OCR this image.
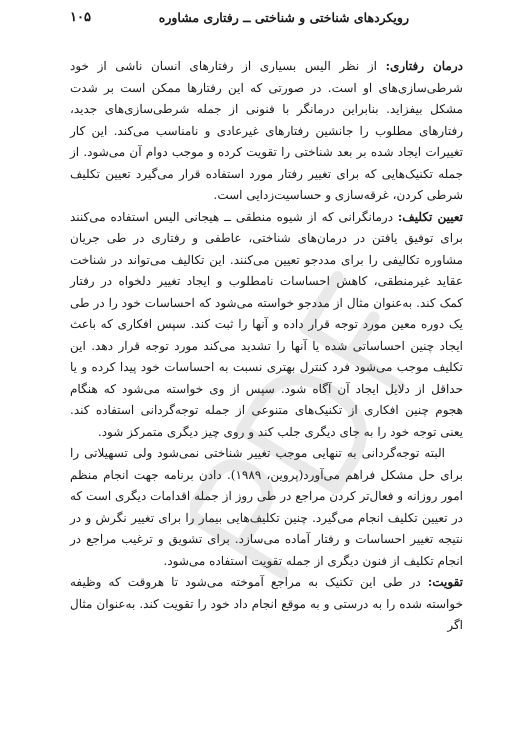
رویکردهای شناختی و شناختی ــ رفتاری مشاوره
۱۰۵

درمان رفتاری: از نظر الیس بسیاری از رفتارهای انسان ناشی از خود شرطی‌سازی‌های او است. در صورتی که این رفتارها ممکن است بر شدت مشکل بیفزاید. بنابراین درمانگر با فنونی از جمله شرطی‌سازی‌های جدید، رفتارهای مطلوب را جانشین رفتارهای غیرعادی و نامناسب می‌کند. این کار تغییرات ایجاد شده بر بعد شناختی را تقویت کرده و موجب دوام آن می‌شود. از جمله تکنیک‌هایی که برای تغییر رفتار مورد استفاده قرار می‌گیرد تعیین تکلیف شرطی کردن، غرقه‌سازی و حساسیت‌زدایی است.

تعیین تکلیف: درمانگرانی که از شیوه منطقی ــ هیجانی الیس استفاده می‌کنند برای توفیق یافتن در درمان‌های شناختی، عاطفی و رفتاری در طی جریان مشاوره تکالیفی را برای مددجو تعیین می‌کنند. این تکالیف می‌تواند در شناخت عقاید غیرمنطقی، کاهش احساسات نامطلوب و ایجاد تغییر دلخواه در رفتار کمک کند. به‌عنوان مثال از مددجو خواسته می‌شود که احساسات خود را در طی یک دوره معین مورد توجه قرار داده و آنها را ثبت کند. سپس افکاری که باعث ایجاد چنین احساساتی شده یا آنها را تشدید می‌کند مورد توجه قرار دهد. این تکلیف موجب می‌شود فرد کنترل بهتری نسبت به احساسات خود پیدا کرده و یا حداقل از دلایل ایجاد آن آگاه شود. سپس از وی خواسته می‌شود که هنگام هجوم چنین افکاری از تکنیک‌های متنوعی از جمله توجه‌گردانی استفاده کند. یعنی توجه خود را به جای دیگری جلب کند و روی چیز دیگری متمرکز شود.

البته توجه‌گردانی به تنهایی موجب تغییر شناختی نمی‌شود ولی تسهیلاتی را برای حل مشکل فراهم می‌آورد(پروین، ۱۹۸۹). دادن برنامه جهت انجام منظم امور روزانه و فعال‌تر کردن مراجع در طی روز از جمله اقدامات دیگری است که در تعیین تکلیف انجام می‌گیرد. چنین تکلیف‌هایی بیمار را برای تغییر نگرش و در نتیجه تغییر احساسات و رفتار آماده می‌سازد. برای تشویق و ترغیب مراجع در انجام تکلیف از فنون دیگری از جمله تقویت استفاده می‌شود.

تقویت: در طی این تکنیک به مراجع آموخته می‌شود تا هروقت که وظیفه خواسته شده را به درستی و به موقع انجام داد خود را تقویت کند. به‌عنوان مثال اگر
